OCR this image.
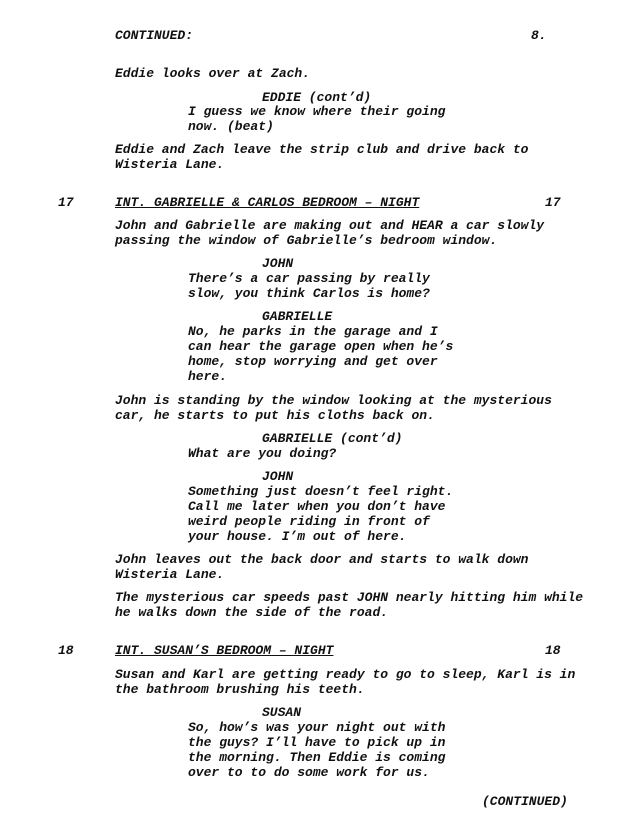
CONTINUED:	8.
Eddie looks over at Zach.
EDDIE (cont’d)
I guess we know where their going
now. (beat)
Eddie and Zach leave the strip club and drive back to
Wisteria Lane.
17	INT. GABRIELLE & CARLOS BEDROOM – NIGHT	17
John and Gabrielle are making out and HEAR a car slowly
passing the window of Gabrielle’s bedroom window.
JOHN
There’s a car passing by really
slow, you think Carlos is home?
GABRIELLE
No, he parks in the garage and I
can hear the garage open when he’s
home, stop worrying and get over
here.
John is standing by the window looking at the mysterious
car, he starts to put his cloths back on.
GABRIELLE (cont’d)
What are you doing?
JOHN
Something just doesn’t feel right.
Call me later when you don’t have
weird people riding in front of
your house. I’m out of here.
John leaves out the back door and starts to walk down
Wisteria Lane.
The mysterious car speeds past JOHN nearly hitting him while
he walks down the side of the road.
18	INT. SUSAN’S BEDROOM – NIGHT	18
Susan and Karl are getting ready to go to sleep, Karl is in
the bathroom brushing his teeth.
SUSAN
So, how’s was your night out with
the guys? I’ll have to pick up in
the morning. Then Eddie is coming
over to to do some work for us.
(CONTINUED)
